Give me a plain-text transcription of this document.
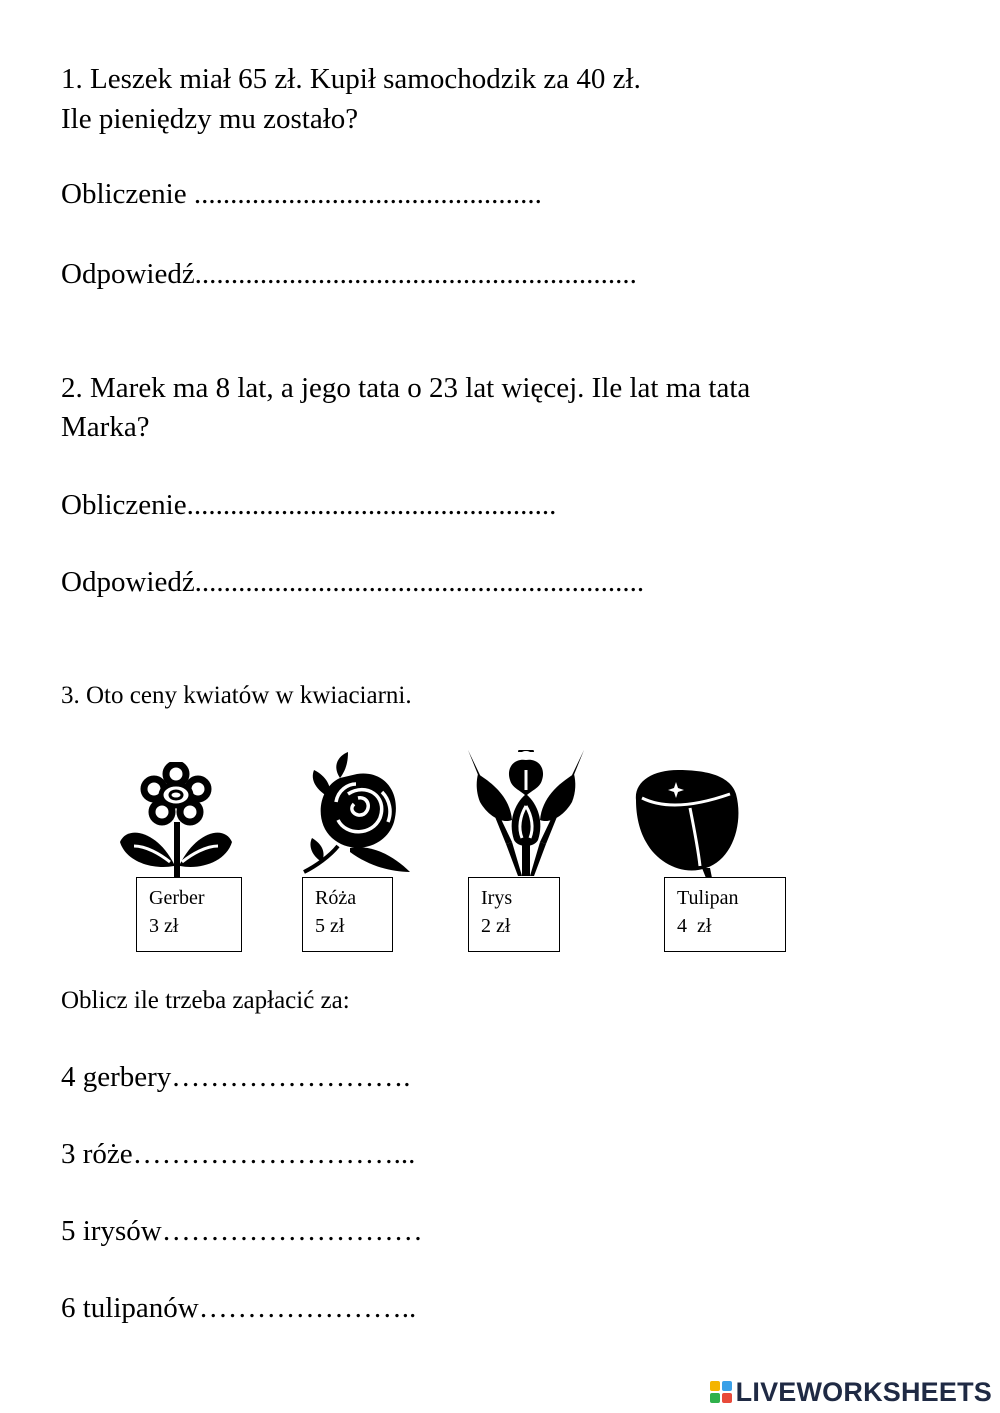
1. Leszek miał 65 zł. Kupił samochodzik za 40 zł.
Ile pieniędzy mu zostało?
Obliczenie ................................................
Odpowiedź.............................................................
2. Marek ma 8 lat, a jego tata o 23 lat więcej. Ile lat ma tata
Marka?
Obliczenie...................................................
Odpowiedź..............................................................
3. Oto ceny kwiatów w kwiaciarni.
Gerber
3 zł
Róża
5 zł
Irys
2 zł
Tulipan
4  zł
Oblicz ile trzeba zapłacić za:
4 gerbery…………………….
3 róże………………………...
5 irysów………………………
6 tulipanów…………………..
LIVEWORKSHEETS
